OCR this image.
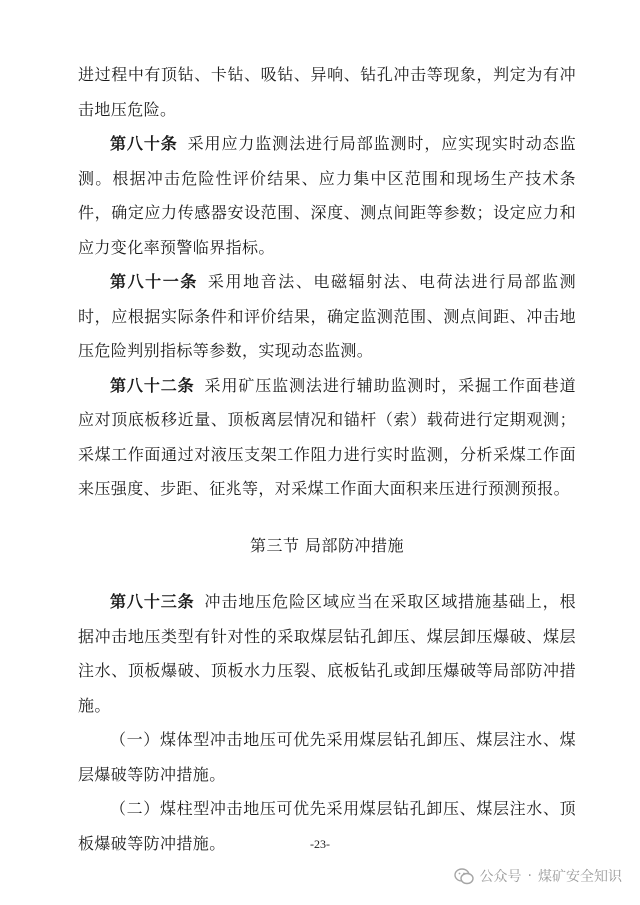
进过程中有顶钻、卡钻、吸钻、异响、钻孔冲击等现象，判定为有冲击地压危险。

第八十条 采用应力监测法进行局部监测时，应实现实时动态监测。根据冲击危险性评价结果、应力集中区范围和现场生产技术条件，确定应力传感器安设范围、深度、测点间距等参数；设定应力和应力变化率预警临界指标。

第八十一条 采用地音法、电磁辐射法、电荷法进行局部监测时，应根据实际条件和评价结果，确定监测范围、测点间距、冲击地压危险判别指标等参数，实现动态监测。

第八十二条 采用矿压监测法进行辅助监测时，采掘工作面巷道应对顶底板移近量、顶板离层情况和锚杆（索）载荷进行定期观测；采煤工作面通过对液压支架工作阻力进行实时监测，分析采煤工作面来压强度、步距、征兆等，对采煤工作面大面积来压进行预测预报。

第三节 局部防冲措施

第八十三条 冲击地压危险区域应当在采取区域措施基础上，根据冲击地压类型有针对性的采取煤层钻孔卸压、煤层卸压爆破、煤层注水、顶板爆破、顶板水力压裂、底板钻孔或卸压爆破等局部防冲措施。

（一）煤体型冲击地压可优先采用煤层钻孔卸压、煤层注水、煤层爆破等防冲措施。

（二）煤柱型冲击地压可优先采用煤层钻孔卸压、煤层注水、顶板爆破等防冲措施。	-23-
公众号 · 煤矿安全知识
